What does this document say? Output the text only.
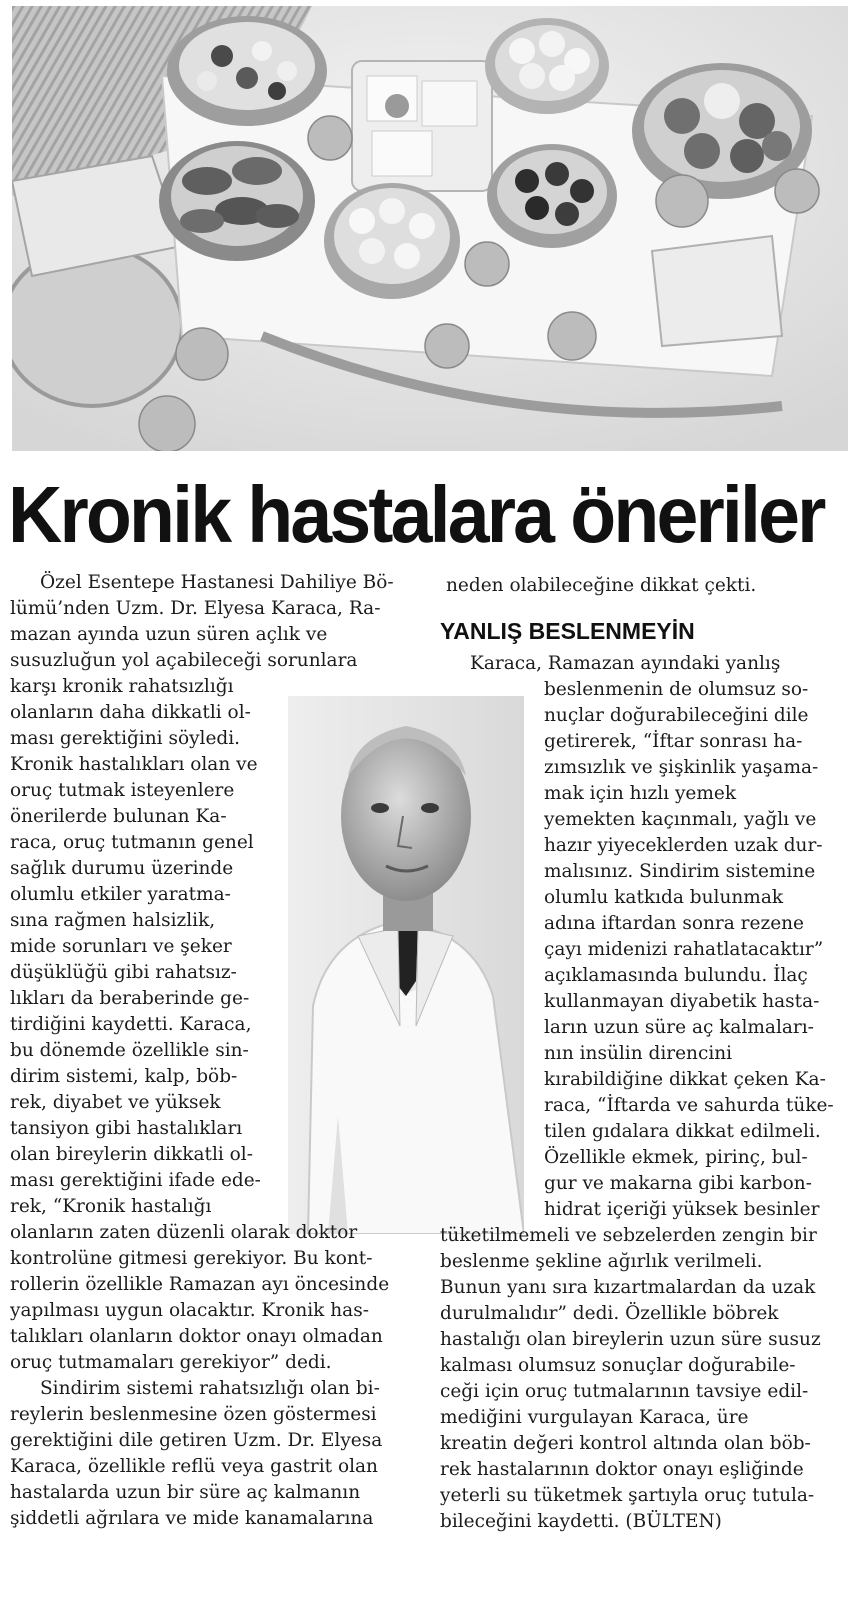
Kronik hastalara öneriler
YANLIŞ BESLENMEYİN
Özel Esentepe Hastanesi Dahiliye Bö-
lümü’nden Uzm. Dr. Elyesa Karaca, Ra-
mazan ayında uzun süren açlık ve
susuzluğun yol açabileceği sorunlara
karşı kronik rahatsızlığı
olanların daha dikkatli ol-
ması gerektiğini söyledi.
Kronik hastalıkları olan ve
oruç tutmak isteyenlere
önerilerde bulunan Ka-
raca, oruç tutmanın genel
sağlık durumu üzerinde
olumlu etkiler yaratma-
sına rağmen halsizlik,
mide sorunları ve şeker
düşüklüğü gibi rahatsız-
lıkları da beraberinde ge-
tirdiğini kaydetti. Karaca,
bu dönemde özellikle sin-
dirim sistemi, kalp, böb-
rek, diyabet ve yüksek
tansiyon gibi hastalıkları
olan bireylerin dikkatli ol-
ması gerektiğini ifade ede-
rek, “Kronik hastalığı
olanların zaten düzenli olarak doktor
kontrolüne gitmesi gerekiyor. Bu kont-
rollerin özellikle Ramazan ayı öncesinde
yapılması uygun olacaktır. Kronik has-
talıkları olanların doktor onayı olmadan
oruç tutmamaları gerekiyor” dedi.
Sindirim sistemi rahatsızlığı olan bi-
reylerin beslenmesine özen göstermesi
gerektiğini dile getiren Uzm. Dr. Elyesa
Karaca, özellikle reflü veya gastrit olan
hastalarda uzun bir süre aç kalmanın
şiddetli ağrılara ve mide kanamalarına
neden olabileceğine dikkat çekti.
Karaca, Ramazan ayındaki yanlış
beslenmenin de olumsuz so-
nuçlar doğurabileceğini dile
getirerek, “İftar sonrası ha-
zımsızlık ve şişkinlik yaşama-
mak için hızlı yemek
yemekten kaçınmalı, yağlı ve
hazır yiyeceklerden uzak dur-
malısınız. Sindirim sistemine
olumlu katkıda bulunmak
adına iftardan sonra rezene
çayı midenizi rahatlatacaktır”
açıklamasında bulundu. İlaç
kullanmayan diyabetik hasta-
ların uzun süre aç kalmaları-
nın insülin direncini
kırabildiğine dikkat çeken Ka-
raca, “İftarda ve sahurda tüke-
tilen gıdalara dikkat edilmeli.
Özellikle ekmek, pirinç, bul-
gur ve makarna gibi karbon-
hidrat içeriği yüksek besinler
tüketilmemeli ve sebzelerden zengin bir
beslenme şekline ağırlık verilmeli.
Bunun yanı sıra kızartmalardan da uzak
durulmalıdır” dedi. Özellikle böbrek
hastalığı olan bireylerin uzun süre susuz
kalması olumsuz sonuçlar doğurabile-
ceği için oruç tutmalarının tavsiye edil-
mediğini vurgulayan Karaca, üre
kreatin değeri kontrol altında olan böb-
rek hastalarının doktor onayı eşliğinde
yeterli su tüketmek şartıyla oruç tutula-
bileceğini kaydetti. (BÜLTEN)
